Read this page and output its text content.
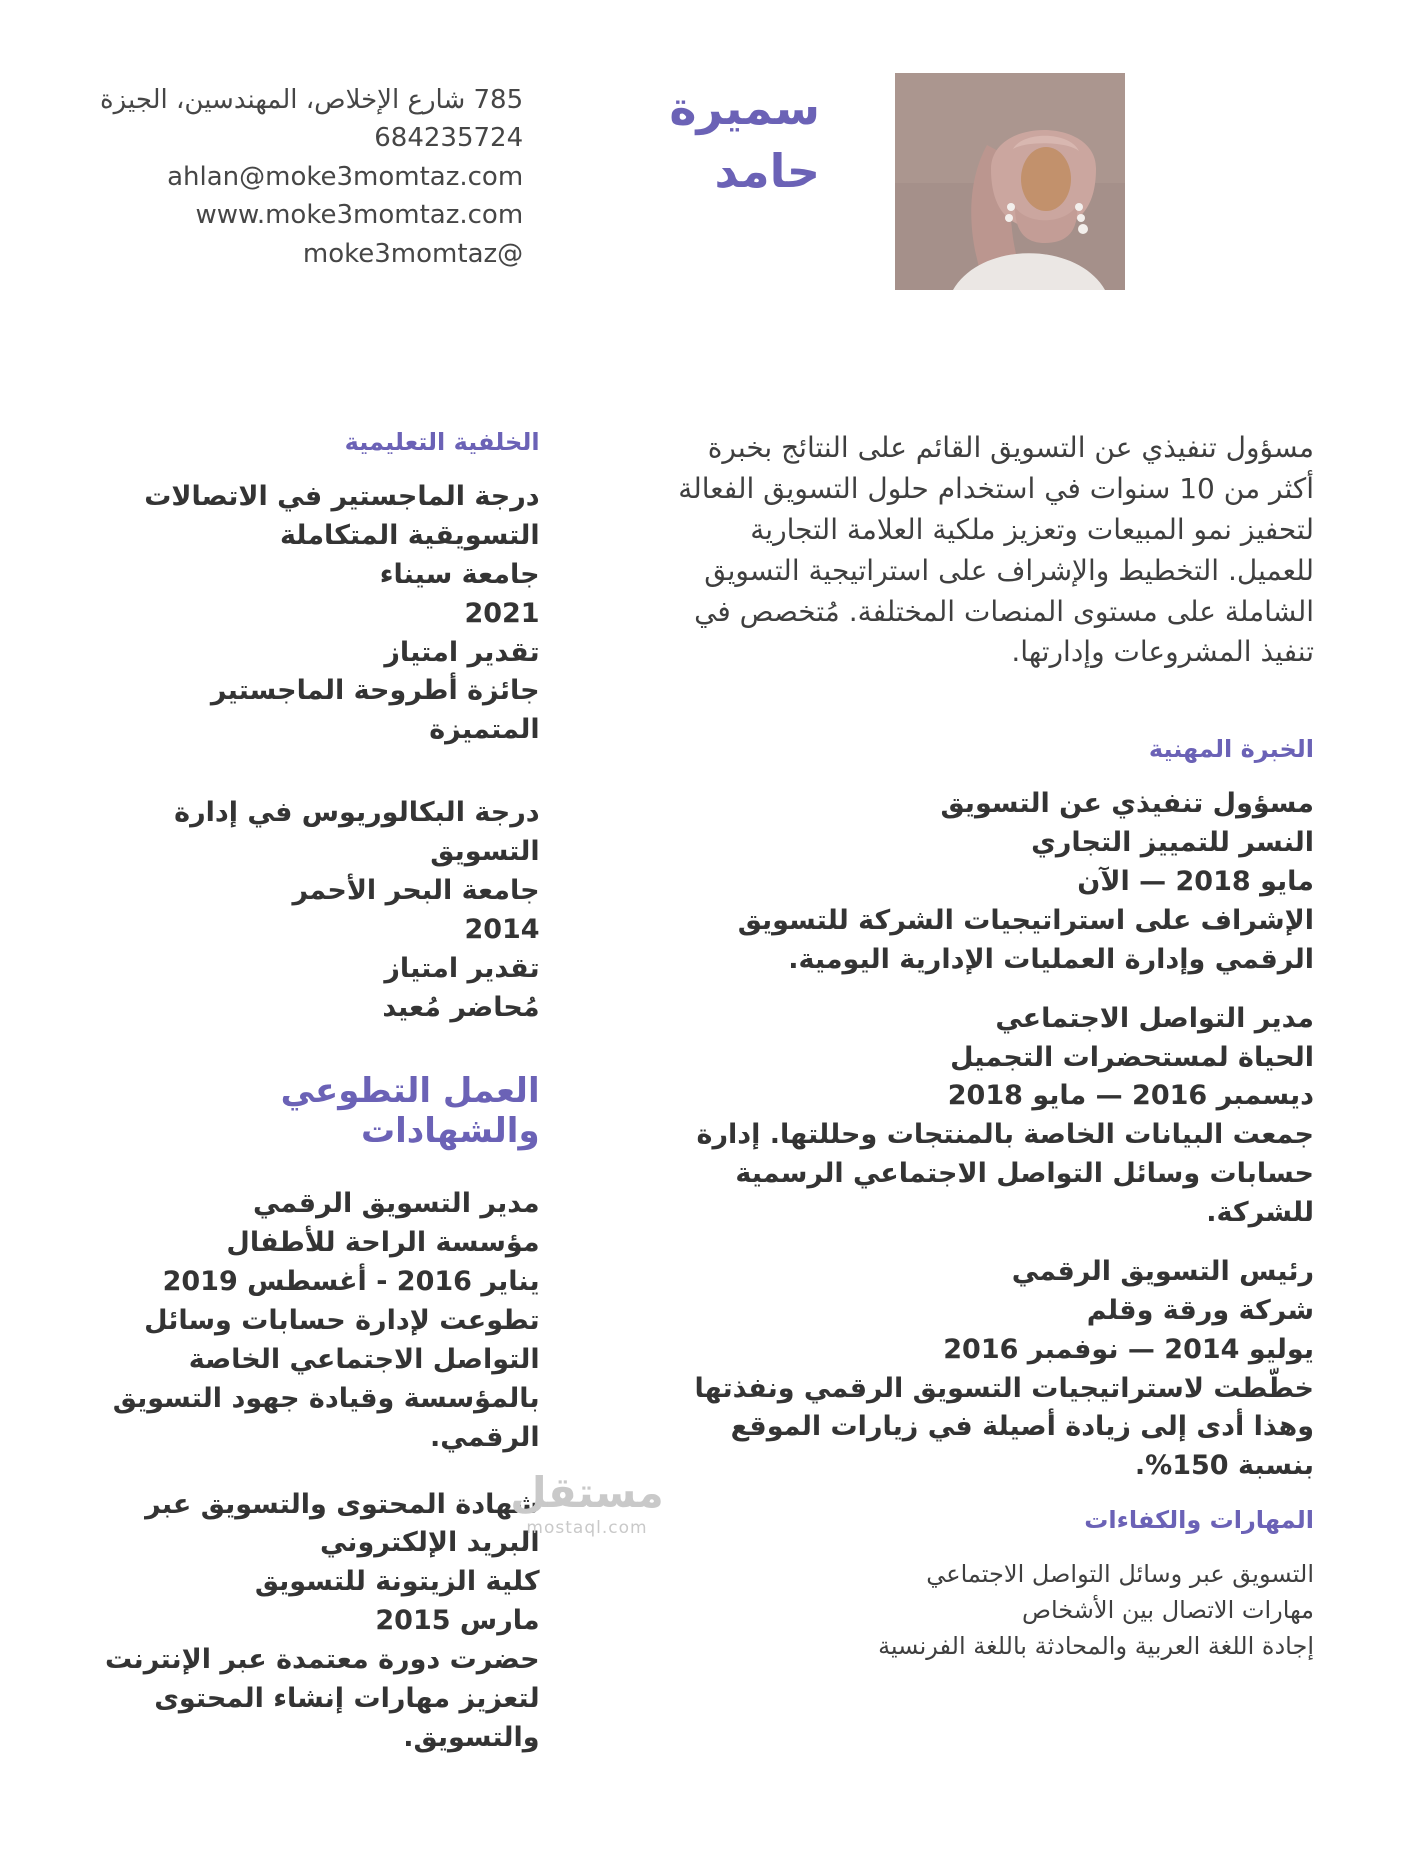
سميرة
حامد
785 شارع الإخلاص، المهندسين، الجيزة
684235724
ahlan@moke3momtaz.com
www.moke3momtaz.com
@moke3momtaz

مسؤول تنفيذي عن التسويق القائم على النتائج بخبرة أكثر من 10 سنوات في استخدام حلول التسويق الفعالة لتحفيز نمو المبيعات وتعزيز ملكية العلامة التجارية للعميل. التخطيط والإشراف على استراتيجية التسويق الشاملة على مستوى المنصات المختلفة. مُتخصص في تنفيذ المشروعات وإدارتها.

الخبرة المهنية
مسؤول تنفيذي عن التسويق
النسر للتمييز التجاري
مايو 2018 — الآن
الإشراف على استراتيجيات الشركة للتسويق الرقمي وإدارة العمليات الإدارية اليومية.
مدير التواصل الاجتماعي
الحياة لمستحضرات التجميل
ديسمبر 2016 — مايو 2018
جمعت البيانات الخاصة بالمنتجات وحللتها. إدارة حسابات وسائل التواصل الاجتماعي الرسمية للشركة.
رئيس التسويق الرقمي
شركة ورقة وقلم
يوليو 2014 — نوفمبر 2016
خطّطت لاستراتيجيات التسويق الرقمي ونفذتها وهذا أدى إلى زيادة أصيلة في زيارات الموقع بنسبة 150%.
المهارات والكفاءات
التسويق عبر وسائل التواصل الاجتماعي
مهارات الاتصال بين الأشخاص
إجادة اللغة العربية والمحادثة باللغة الفرنسية
الخلفية التعليمية
درجة الماجستير في الاتصالات التسويقية المتكاملة
جامعة سيناء
2021
تقدير امتياز
جائزة أطروحة الماجستير المتميزة
درجة البكالوريوس في إدارة التسويق
جامعة البحر الأحمر
2014
تقدير امتياز
مُحاضر مُعيد
العمل التطوعي والشهادات
مدير التسويق الرقمي
مؤسسة الراحة للأطفال
يناير 2016 - أغسطس 2019
تطوعت لإدارة حسابات وسائل التواصل الاجتماعي الخاصة بالمؤسسة وقيادة جهود التسويق الرقمي.
شهادة المحتوى والتسويق عبر البريد الإلكتروني
كلية الزيتونة للتسويق
مارس 2015
حضرت دورة معتمدة عبر الإنترنت لتعزيز مهارات إنشاء المحتوى والتسويق.
مستقل
mostaql.com
